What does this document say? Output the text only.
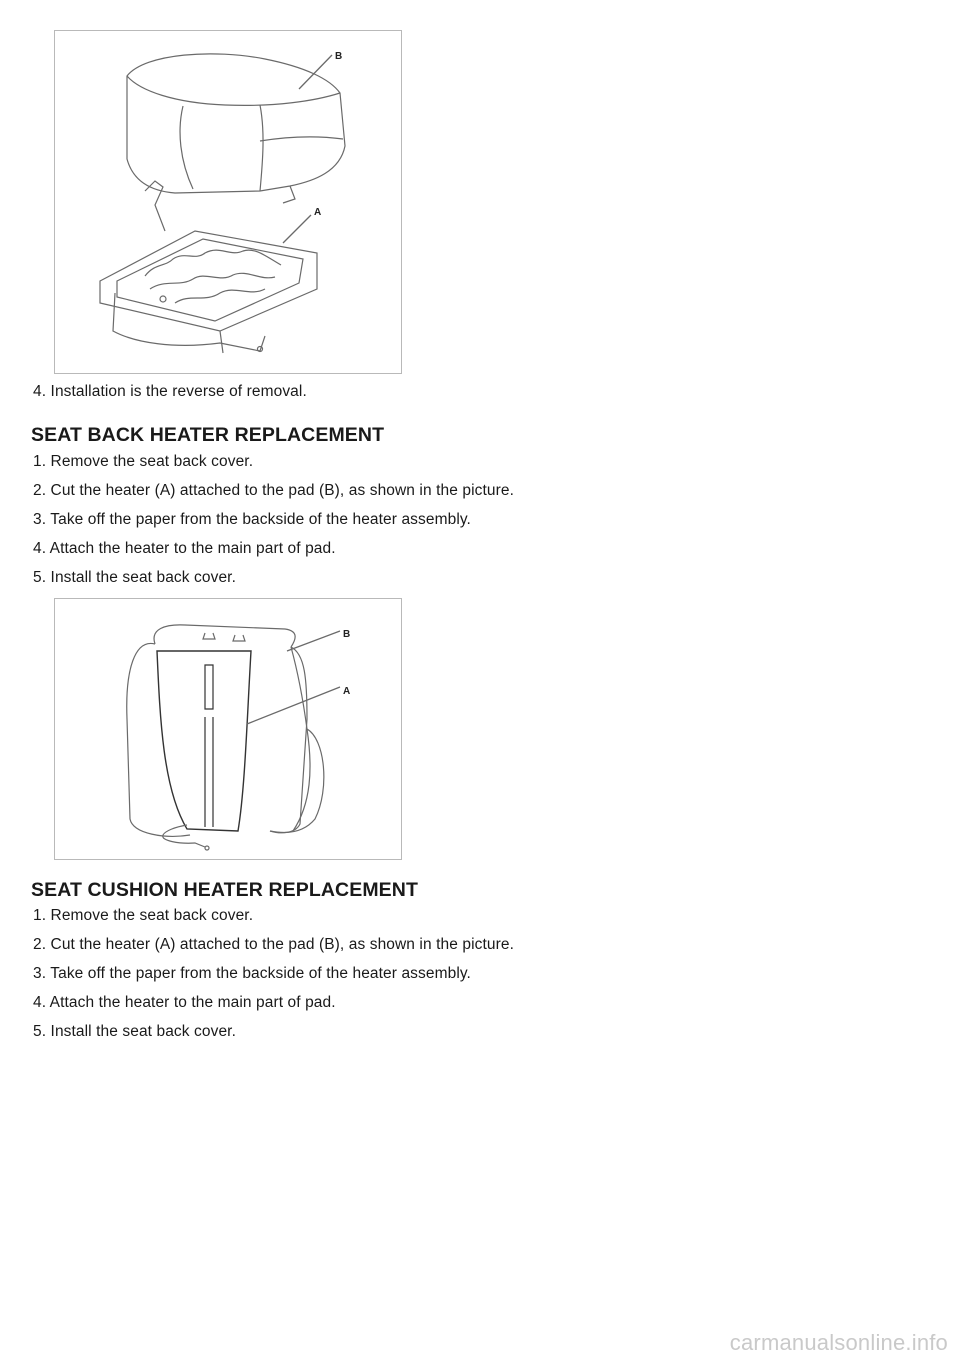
B
A
4. Installation is the reverse of removal.
SEAT BACK HEATER REPLACEMENT
1. Remove the seat back cover.
2. Cut the heater (A) attached to the pad (B), as shown in the picture.
3. Take off the paper from the backside of the heater assembly.
4. Attach the heater to the main part of pad.
5. Install the seat back cover.
B
A
SEAT CUSHION HEATER REPLACEMENT
1. Remove the seat back cover.
2. Cut the heater (A) attached to the pad (B), as shown in the picture.
3. Take off the paper from the backside of the heater assembly.
4. Attach the heater to the main part of pad.
5. Install the seat back cover.
carmanualsonline.info
